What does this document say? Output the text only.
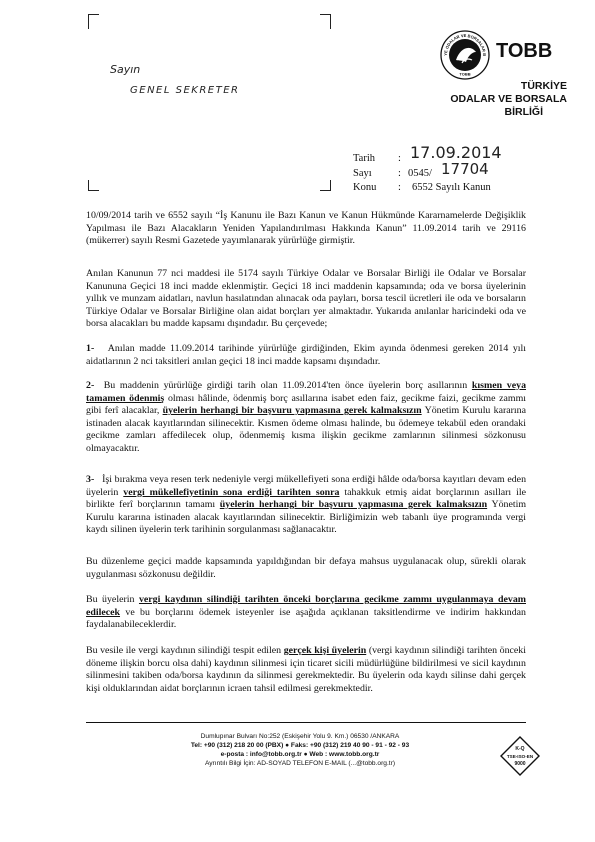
Sayın
GENEL SEKRETER
YE ODALAR VE BORSALAR B
TOBB
TOBB
TÜRKİYE
ODALAR VE BORSALA
BİRLİĞİ
Tarih : 17.09.2014
Sayı	: 0545/ 17704
Konu : 6552 Sayılı Kanun

10/09/2014 tarih ve 6552 sayılı “İş Kanunu ile Bazı Kanun ve Kanun Hükmünde Kararnamelerde Değişiklik Yapılması ile Bazı Alacakların Yeniden Yapılandırılması Hakkında Kanun” 11.09.2014 tarih ve 29116 (mükerrer) sayılı Resmi Gazetede yayımlanarak yürürlüğe girmiştir.

Anılan Kanunun 77 nci maddesi ile 5174 sayılı Türkiye Odalar ve Borsalar Birliği ile Odalar ve Borsalar Kanununa Geçici 18 inci madde eklenmiştir. Geçici 18 inci maddenin kapsamında; oda ve borsa üyelerinin yıllık ve munzam aidatları, navlun hasılatından alınacak oda payları, borsa tescil ücretleri ile oda ve borsaların Türkiye Odalar ve Borsalar Birliğine olan aidat borçları yer almaktadır. Yukarıda anılanlar haricindeki oda ve borsa alacakları bu madde kapsamı dışındadır. Bu çerçevede;

1- Anılan madde 11.09.2014 tarihinde yürürlüğe girdiğinden, Ekim ayında ödenmesi gereken 2014 yılı aidatlarının 2 nci taksitleri anılan geçici 18 inci madde kapsamı dışındadır.

2- Bu maddenin yürürlüğe girdiği tarih olan 11.09.2014'ten önce üyelerin borç asıllarının kısmen veya tamamen ödenmiş olması hâlinde, ödenmiş borç asıllarına isabet eden faiz, gecikme faizi, gecikme zammı gibi ferî alacaklar, üyelerin herhangi bir başvuru yapmasına gerek kalmaksızın Yönetim Kurulu kararına istinaden alacak kayıtlarından silinecektir. Kısmen ödeme olması halinde, bu ödemeye tekabül eden orandaki gecikme zamları affedilecek olup, ödenmemiş kısma ilişkin gecikme zamlarının silinmesi sözkonusu olmayacaktır.

3- İşi bırakma veya resen terk nedeniyle vergi mükellefiyeti sona erdiği hâlde oda/borsa kayıtları devam eden üyelerin vergi mükellefiyetinin sona erdiği tarihten sonra tahakkuk etmiş aidat borçlarının asılları ile birlikte ferî borçlarının tamamı üyelerin herhangi bir başvuru yapmasına gerek kalmaksızın Yönetim Kurulu kararına istinaden alacak kayıtlarından silinecektir. Birliğimizin web tabanlı üye programında vergi kaydı silinen üyelerin terk tarihinin sorgulanması sağlanacaktır.

Bu düzenleme geçici madde kapsamında yapıldığından bir defaya mahsus uygulanacak olup, sürekli olarak uygulanması sözkonusu değildir.

Bu üyelerin vergi kaydının silindiği tarihten önceki borçlarına gecikme zammı uygulanmaya devam edilecek ve bu borçlarını ödemek isteyenler ise aşağıda açıklanan taksitlendirme ve indirim hakkından faydalanabileceklerdir.

Bu vesile ile vergi kaydının silindiği tespit edilen gerçek kişi üyelerin (vergi kaydının silindiği tarihten önceki döneme ilişkin borcu olsa dahi) kaydının silinmesi için ticaret sicili müdürlüğüne bildirilmesi ve sicil kaydının silinmesini takiben oda/borsa kaydının da silinmesi gerekmektedir. Bu üyelerin oda kaydı silinse dahi gerçek kişi olduklarından aidat borçlarının icraen tahsil edilmesi gerekmektedir.

Dumlupınar Bulvarı No:252 (Eskişehir Yolu 9. Km.) 06530 /ANKARA
Tel: +90 (312) 218 20 00 (PBX) ● Faks: +90 (312) 219 40 90 - 91 - 92 - 93
e-posta : info@tobb.org.tr ● Web : www.tobb.org.tr
Ayrıntılı Bilgi İçin: AD-SOYAD TELEFON E-MAIL (...@tobb.org.tr)
K-Q
TSE-ISO-EN
9000
